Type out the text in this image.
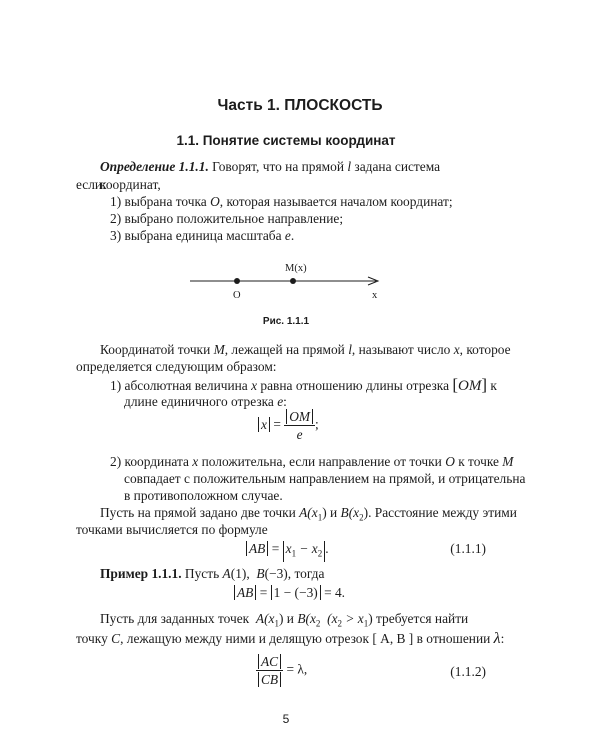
Часть 1. ПЛОСКОСТЬ
1.1. Понятие системы координат
Определение 1.1.1. Говорят, что на прямой l задана система координат,
если:
1) выбрана точка O, которая называется началом координат;
2) выбрано положительное направление;
3) выбрана единица масштаба e.
M(x)
O	x
Рис. 1.1.1
Координатой точки M, лежащей на прямой l, называют число x, которое
определяется следующим образом:
1) абсолютная величина x равна отношению длины отрезка [OM] к
длине единичного отрезка e:
$x = \frac{OM}{e}$ ;
2) координата x положительна, если направление от точки O к точке M
совпадает с положительным направлением на прямой, и отрицательна
в противоположном случае.
Пусть на прямой задано две точки $A(x_1)$ и $B(x_2)$. Расстояние между этими
точками вычисляется по формуле
AB = $x_1 - x_2$ .	(1.1.1)
Пример 1.1.1. Пусть A(1), B(−3), тогда
AB = 1 − (−3) = 4.
Пусть для заданных точек  $A(x_1)$ и $B(x_2$ $(x_2 > x_1)$ требуется найти
точку C, лежащую между ними и делящую отрезок [ A, B ] в отношении λ:
$\frac{AC}{CB} = \lambda$,	(1.1.2)
5
